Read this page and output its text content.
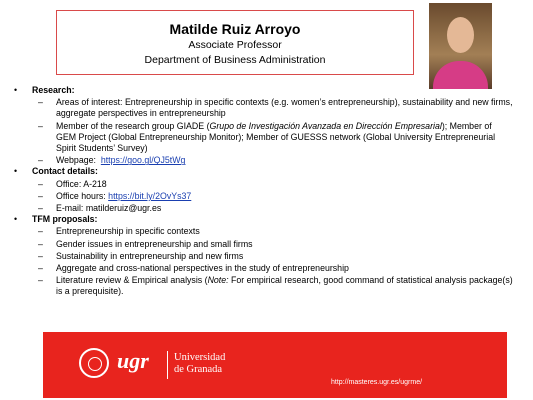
Matilde Ruiz Arroyo
Associate Professor
Department of Business Administration
• Research:
– Areas of interest: Entrepreneurship in specific contexts (e.g. women’s entrepreneurship), sustainability and new firms, aggregate perspectives in entrepreneurship
– Member of the research group GIADE (Grupo de Investigación Avanzada en Dirección Empresarial); Member of GEM Project (Global Entrepreneurship Monitor); Member of GUESSS network (Global University Entrepreneurial Spirit Students’ Survey)
– Webpage: https://goo.gl/QJ5tWg
• Contact details:
– Office: A-218
– Office hours: https://bit.ly/2OvYs37
– E-mail: matilderuiz@ugr.es
• TFM proposals:
– Entrepreneurship in specific contexts
– Gender issues in entrepreneurship and small firms
– Sustainability in entrepreneurship and new firms
– Aggregate and cross-national perspectives in the study of entrepreneurship
– Literature review & Empirical analysis (Note: For empirical research, good command of statistical analysis package(s) is a prerequisite).
ugr Universidad
de Granada
http://masteres.ugr.es/ugrme/
